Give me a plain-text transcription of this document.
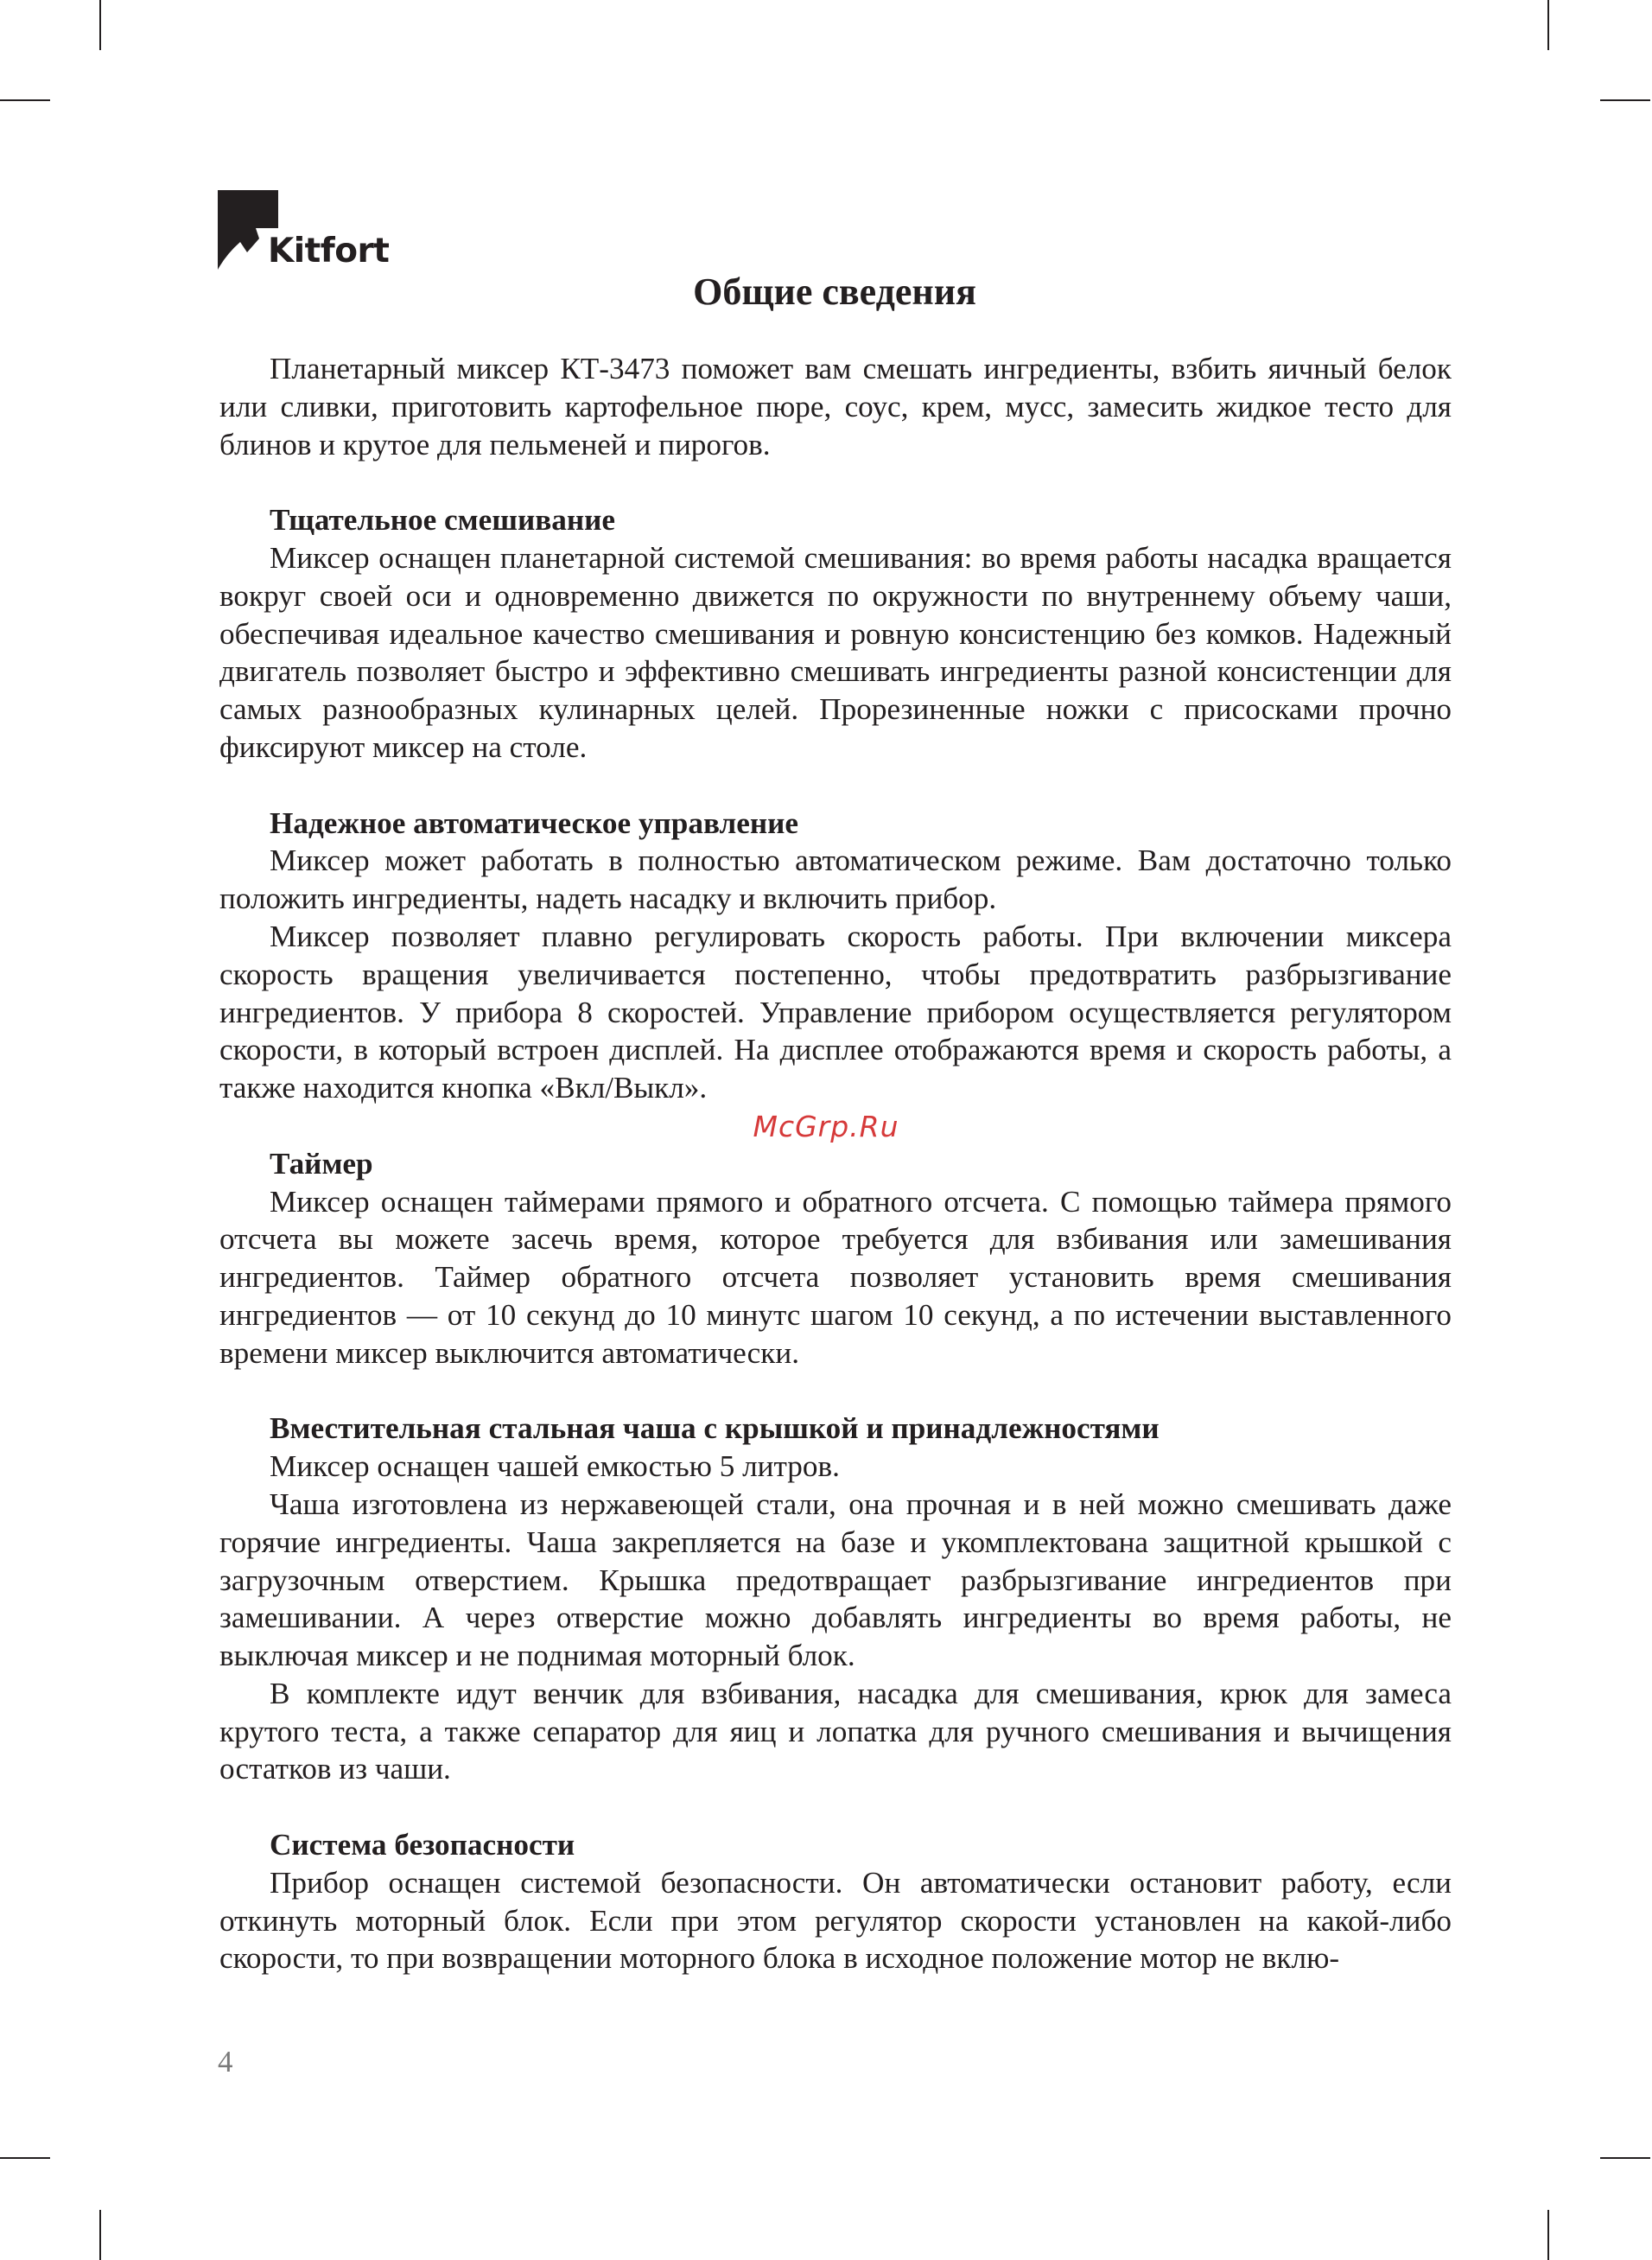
Kitfort
Общие сведения

Планетарный миксер КТ-3473 поможет вам смешать ингредиенты, взбить яичный белок или сливки, приготовить картофельное пюре, соус, крем, мусс, замесить жидкое тесто для блинов и крутое для пельменей и пирогов.

Тщательное смешивание

Миксер оснащен планетарной системой смешивания: во время работы насадка вращается вокруг своей оси и одновременно движется по окружности по внутреннему объему чаши, обеспечивая идеальное качество смешивания и ровную консистенцию без комков. Надежный двигатель позволяет быстро и эффективно смешивать ингредиенты разной консистенции для самых разнообразных кулинарных целей. Прорезиненные ножки с присосками прочно фиксируют миксер на столе.

Надежное автоматическое управление

Миксер может работать в полностью автоматическом режиме. Вам достаточно только положить ингредиенты, надеть насадку и включить прибор.

Миксер позволяет плавно регулировать скорость работы. При включении миксера скорость вращения увеличивается постепенно, чтобы предотвратить разбрызгивание ингредиентов. У прибора 8 скоростей. Управление прибором осуществляется регулятором скорости, в который встроен дисплей. На дисплее отображаются время и скорость работы, а также находится кнопка «Вкл/Выкл».

Таймер

Миксер оснащен таймерами прямого и обратного отсчета. С помощью таймера прямого отсчета вы можете засечь время, которое требуется для взбивания или замешивания ингредиентов. Таймер обратного отсчета позволяет установить время смешивания ингредиентов — от 10 секунд до 10 минутс шагом 10 секунд, а по истечении выставленного времени миксер выключится автоматически.

Вместительная стальная чаша с крышкой и принадлежностями

Миксер оснащен чашей емкостью 5 литров.

Чаша изготовлена из нержавеющей стали, она прочная и в ней можно смешивать даже горячие ингредиенты. Чаша закрепляется на базе и укомплектована защитной крышкой с загрузочным отверстием. Крышка предотвращает разбрызгивание ингредиентов при замешивании. А через отверстие можно добавлять ингредиенты во время работы, не выключая миксер и не поднимая моторный блок.

В комплекте идут венчик для взбивания, насадка для смешивания, крюк для замеса крутого теста, а также сепаратор для яиц и лопатка для ручного смешивания и вычищения остатков из чаши.

Система безопасности

Прибор оснащен системой безопасности. Он автоматически остановит работу, если откинуть моторный блок. Если при этом регулятор скорости установлен на какой-либо скорости, то при возвращении моторного блока в исходное положение мотор не вклю-

McGrp.Ru
4
